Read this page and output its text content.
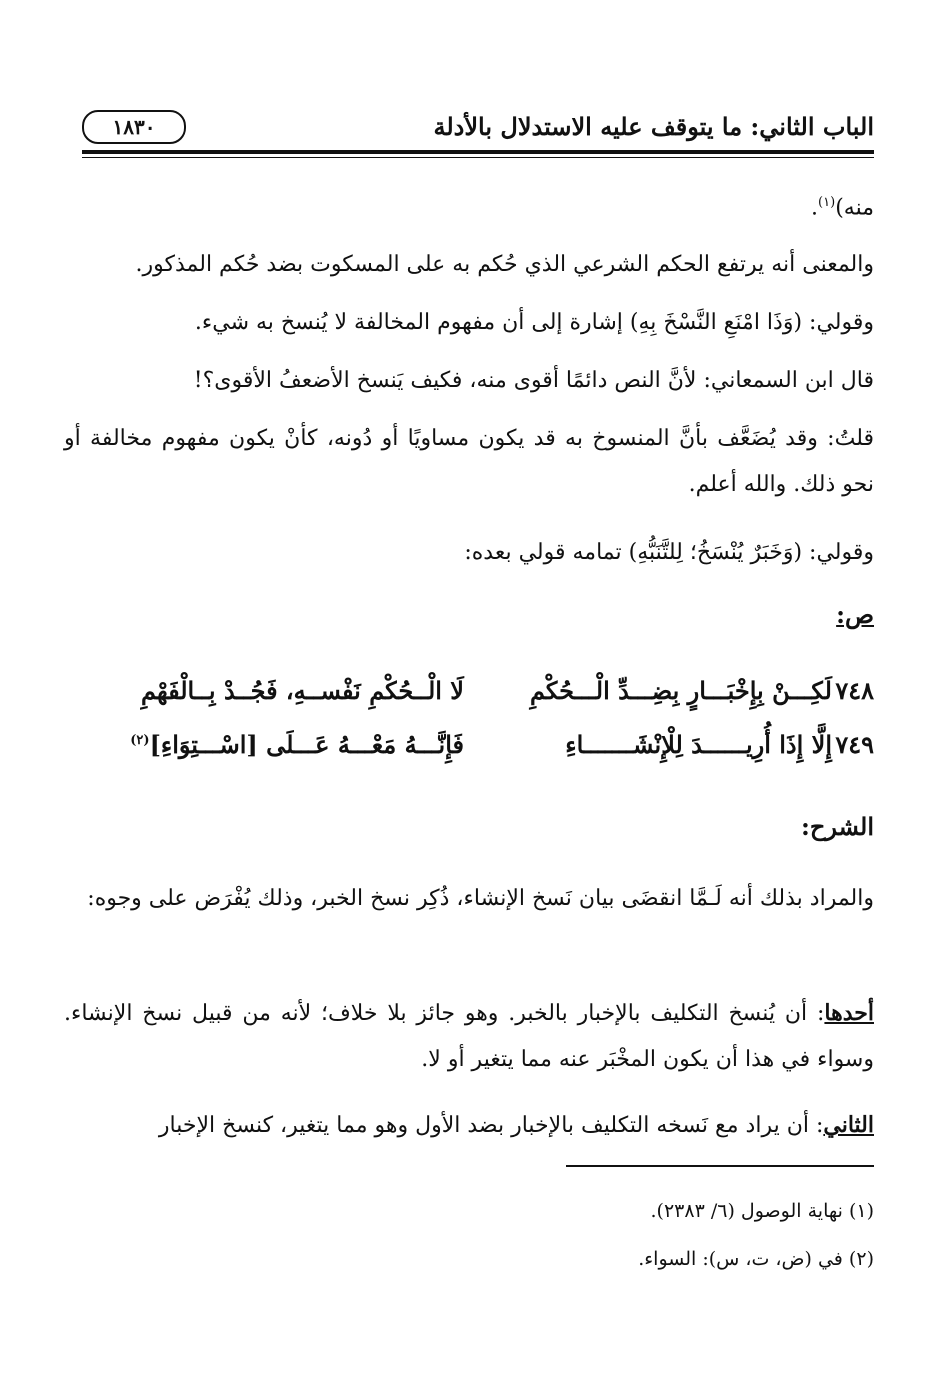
الباب الثاني: ما يتوقف عليه الاستدلال بالأدلة
١٨٣٠
منه)$^{(١)}$.
والمعنى أنه يرتفع الحكم الشرعي الذي حُكم به على المسكوت بضد حُكم المذكور.
وقولي: (وَذَا امْنَعِ النَّسْخَ بِهِ) إشارة إلى أن مفهوم المخالفة لا يُنسخ به شيء.
قال ابن السمعاني: لأنَّ النص دائمًا أقوى منه، فكيف يَنسخ الأضعفُ الأقوى؟!
قلتُ: وقد يُضَعَّف بأنَّ المنسوخ به قد يكون مساويًا أو دُونه، كأنْ يكون مفهوم مخالفة أو نحو ذلك. والله أعلم.
وقولي: (وَخَبَرٌ يُنْسَخُ؛ لِلتَّنَبُّهِ) تمامه قولي بعده:
ص:
٧٤٨
لَكِـــنْ بِإِخْبَـــارٍ بِضِـــدِّ الْـــحُكْمِ
لَا الْــحُكْمِ نَفْســهِ، فَجُــدْ بِــالْفَهْمِ
٧٤٩
إِلَّا إِذَا أُرِيــــــدَ لِلْإِنْشَـــــــاءِ
فَإِنَّـــهُ مَعْـــهُ عَـــلَى [اسْـــتِوَاءِ]$^{(٢)}$
الشرح:
والمراد بذلك أنه لَـمَّا انقضَى بيان نَسخ الإنشاء، ذُكِر نسخ الخبر، وذلك يُفْرَض على وجوه:
أحدها: أن يُنسخ التكليف بالإخبار بالخبر. وهو جائز بلا خلاف؛ لأنه من قبيل نسخ الإنشاء. وسواء في هذا أن يكون المخْبَر عنه مما يتغير أو لا.
الثاني: أن يراد مع نَسخه التكليف بالإخبار بضد الأول وهو مما يتغير، كنسخ الإخبار
(١) نهاية الوصول (٦/ ٢٣٨٣).
(٢) في (ض، ت، س): السواء.
